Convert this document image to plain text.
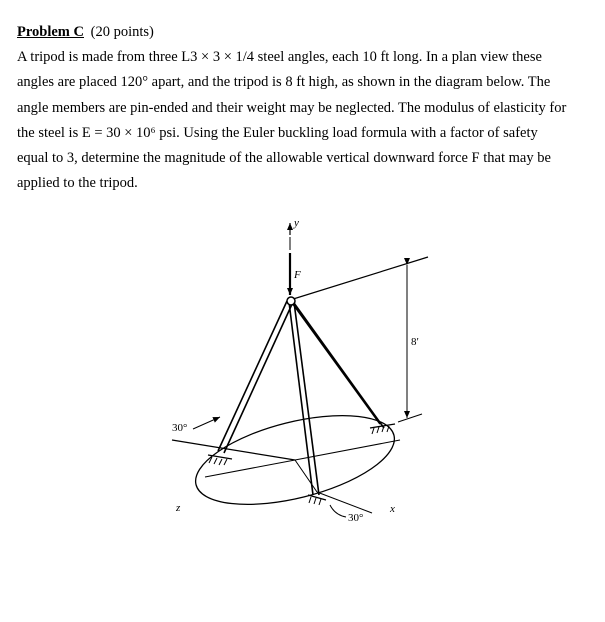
Problem C (20 points)

A tripod is made from three L3 × 3 × 1/4 steel angles, each 10 ft long. In a plan view these

angles are placed 120° apart, and the tripod is 8 ft high, as shown in the diagram below. The

angle members are pin-ended and their weight may be neglected. The modulus of elasticity for

the steel is E = 30 × 10⁶ psi. Using the Euler buckling load formula with a factor of safety

equal to 3, determine the magnitude of the allowable vertical downward force F that may be

applied to the tripod.

y
F
8′
30°
30°
x
z
